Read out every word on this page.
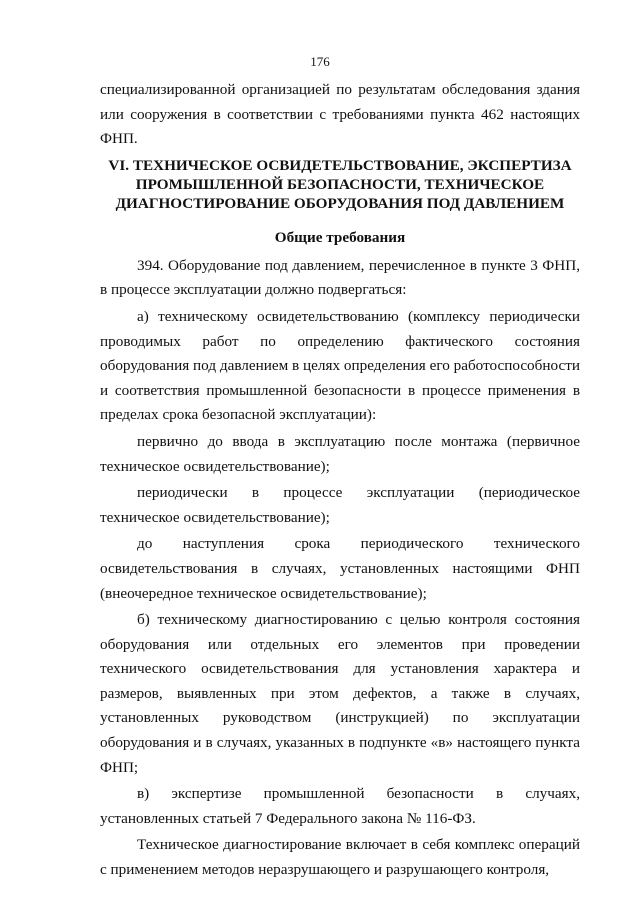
176

специализированной организацией по результатам обследования здания или сооружения в соответствии с требованиями пункта 462 настоящих ФНП.

VI. ТЕХНИЧЕСКОЕ ОСВИДЕТЕЛЬСТВОВАНИЕ, ЭКСПЕРТИЗА
ПРОМЫШЛЕННОЙ БЕЗОПАСНОСТИ, ТЕХНИЧЕСКОЕ
ДИАГНОСТИРОВАНИЕ ОБОРУДОВАНИЯ ПОД ДАВЛЕНИЕМ
Общие требования

394. Оборудование под давлением, перечисленное в пункте 3 ФНП, в процессе эксплуатации должно подвергаться:

а) техническому освидетельствованию (комплексу периодически проводимых работ по определению фактического состояния оборудования под давлением в целях определения его работоспособности и соответствия промышленной безопасности в процессе применения в пределах срока безопасной эксплуатации):

первично до ввода в эксплуатацию после монтажа (первичное техническое освидетельствование);

периодически в процессе эксплуатации (периодическое техническое освидетельствование);

до наступления срока периодического технического освидетельствования в случаях, установленных настоящими ФНП (внеочередное техническое освидетельствование);

б) техническому диагностированию с целью контроля состояния оборудования или отдельных его элементов при проведении технического освидетельствования для установления характера и размеров, выявленных при этом дефектов, а также в случаях, установленных руководством (инструкцией) по эксплуатации оборудования и в случаях, указанных в подпункте «в» настоящего пункта ФНП;

в) экспертизе промышленной безопасности в случаях, установленных статьей 7 Федерального закона № 116-ФЗ.

Техническое диагностирование включает в себя комплекс операций с применением методов неразрушающего и разрушающего контроля,
